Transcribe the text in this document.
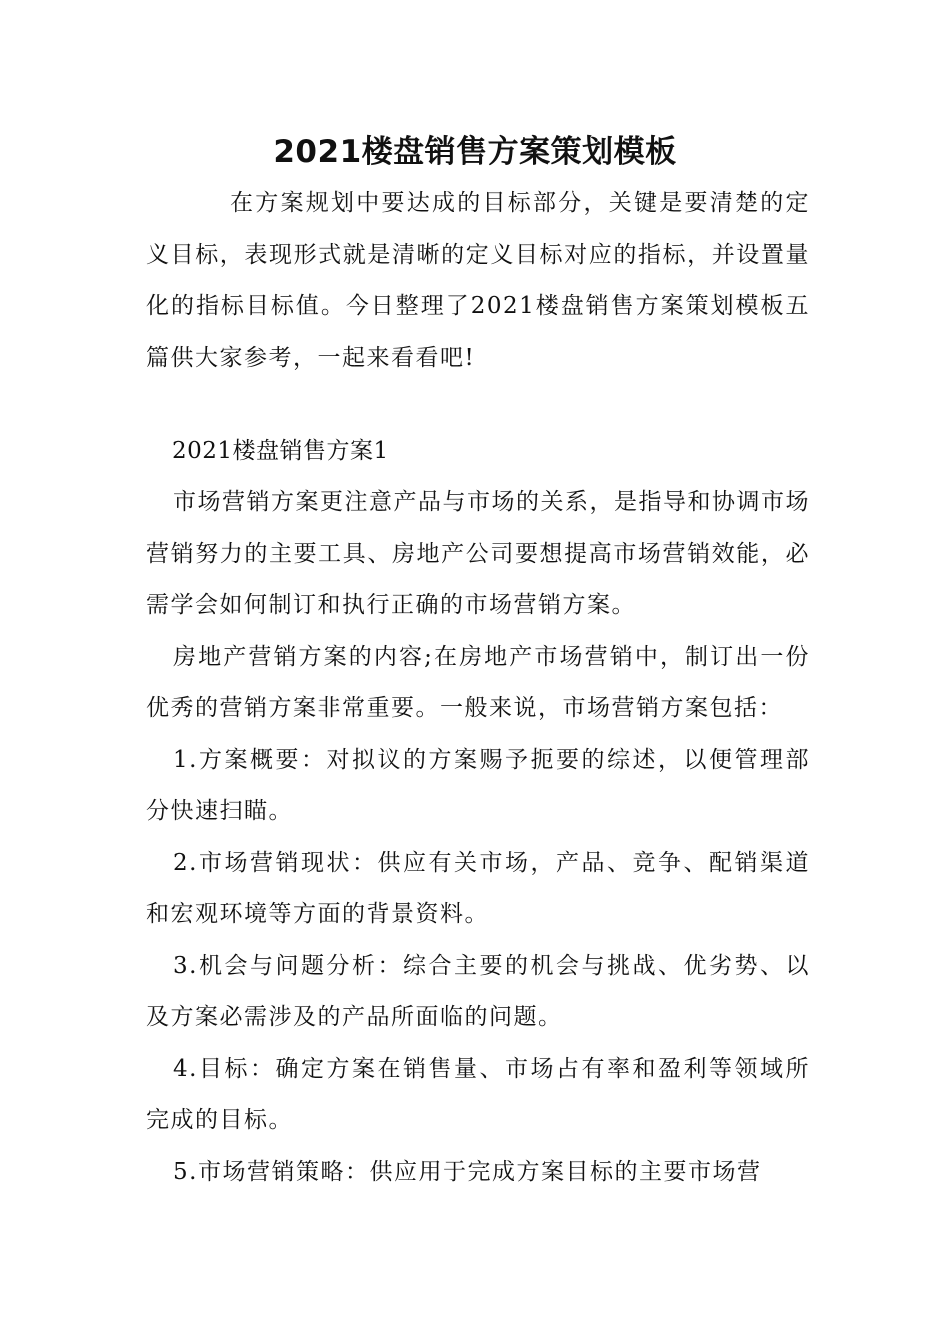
2021楼盘销售方案策划模板

在方案规划中要达成的目标部分，关键是要清楚的定义目标，表现形式就是清晰的定义目标对应的指标，并设置量化的指标目标值。今日整理了2021楼盘销售方案策划模板五篇供大家参考，一起来看看吧!

2021楼盘销售方案1

市场营销方案更注意产品与市场的关系，是指导和协调市场营销努力的主要工具、房地产公司要想提高市场营销效能，必需学会如何制订和执行正确的市场营销方案。

房地产营销方案的内容;在房地产市场营销中，制订出一份优秀的营销方案非常重要。一般来说，市场营销方案包括：

1.方案概要：对拟议的方案赐予扼要的综述，以便管理部分快速扫瞄。

2.市场营销现状：供应有关市场，产品、竞争、配销渠道和宏观环境等方面的背景资料。

3.机会与问题分析：综合主要的机会与挑战、优劣势、以及方案必需涉及的产品所面临的问题。

4.目标：确定方案在销售量、市场占有率和盈利等领域所完成的目标。

5.市场营销策略：供应用于完成方案目标的主要市场营
